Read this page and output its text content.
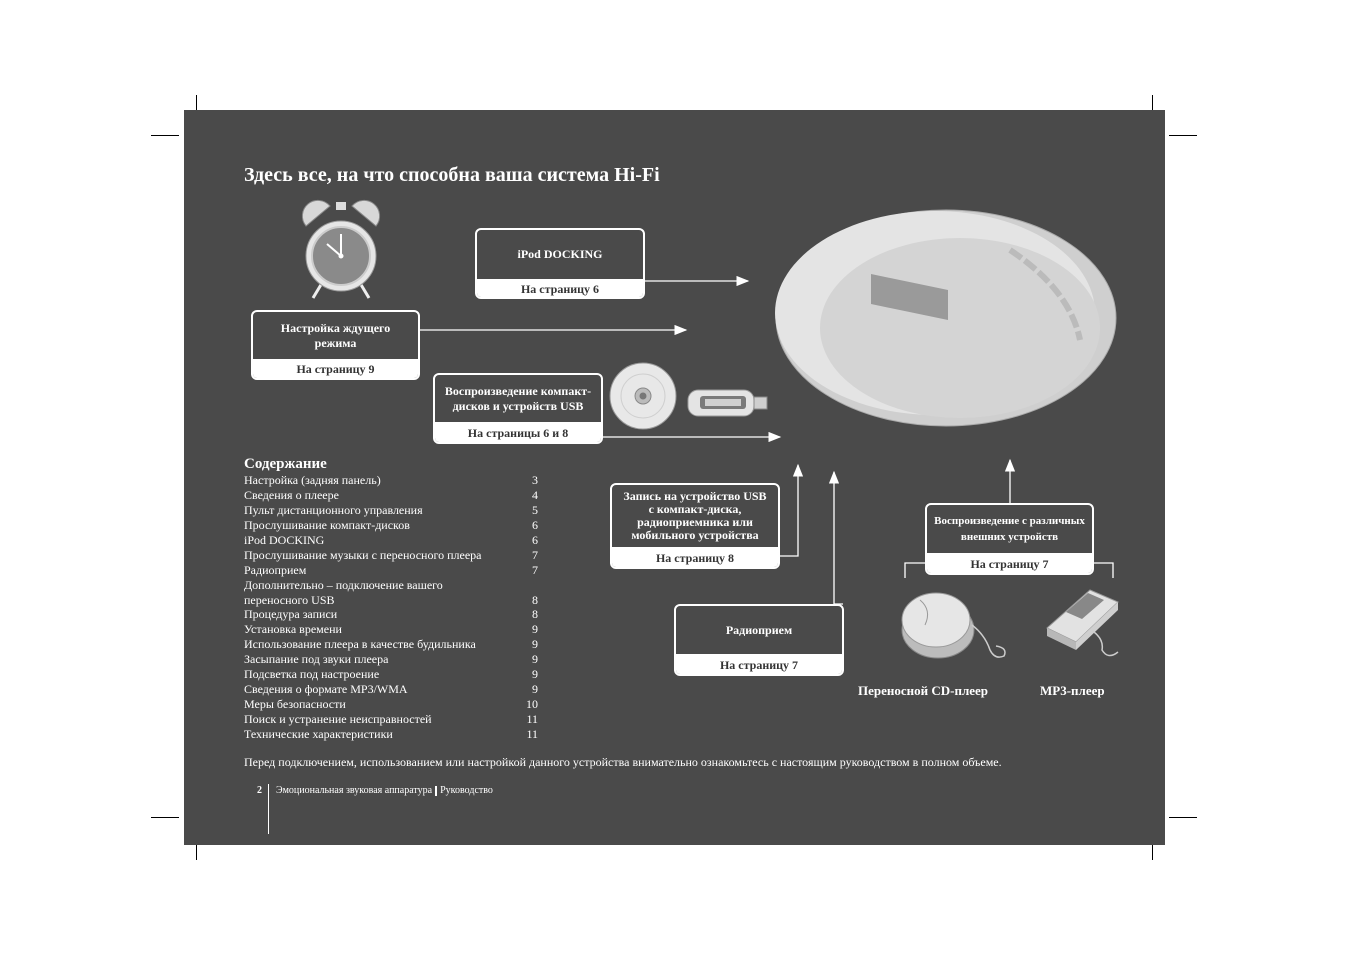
Здесь все, на что способна ваша система Hi-Fi
iPod DOCKING
На страницу 6
Настройка ждущего режима
На страницу 9
Воспроизведение компакт-дисков и устройств USB
На страницы 6 и 8
Запись на устройство USB с компакт-диска, радиоприемника или мобильного устройства
На страницу 8
Радиоприем
На страницу 7
Воспроизведение с различных внешних устройств
На страницу 7
Переносной CD-плеер	MP3-плеер
Содержание
Настройка (задняя панель)	3
Сведения о плеере	4
Пульт дистанционного управления	5
Прослушивание компакт-дисков	6
iPod DOCKING	6
Прослушивание музыки с переносного плеера	7
Радиоприем	7
Дополнительно – подключение вашего переносного USB	8
Процедура записи	8
Установка времени	9
Использование плеера в качестве будильника	9
Засыпание под звуки плеера	9
Подсветка под настроение	9
Сведения о формате MP3/WMA	9
Меры безопасности	10
Поиск и устранение неисправностей	11
Технические характеристики	11
Перед подключением, использованием или настройкой данного устройства внимательно ознакомьтесь с настоящим руководством в полном объеме.
2 Эмоциональная звуковая аппаратура Руководство
